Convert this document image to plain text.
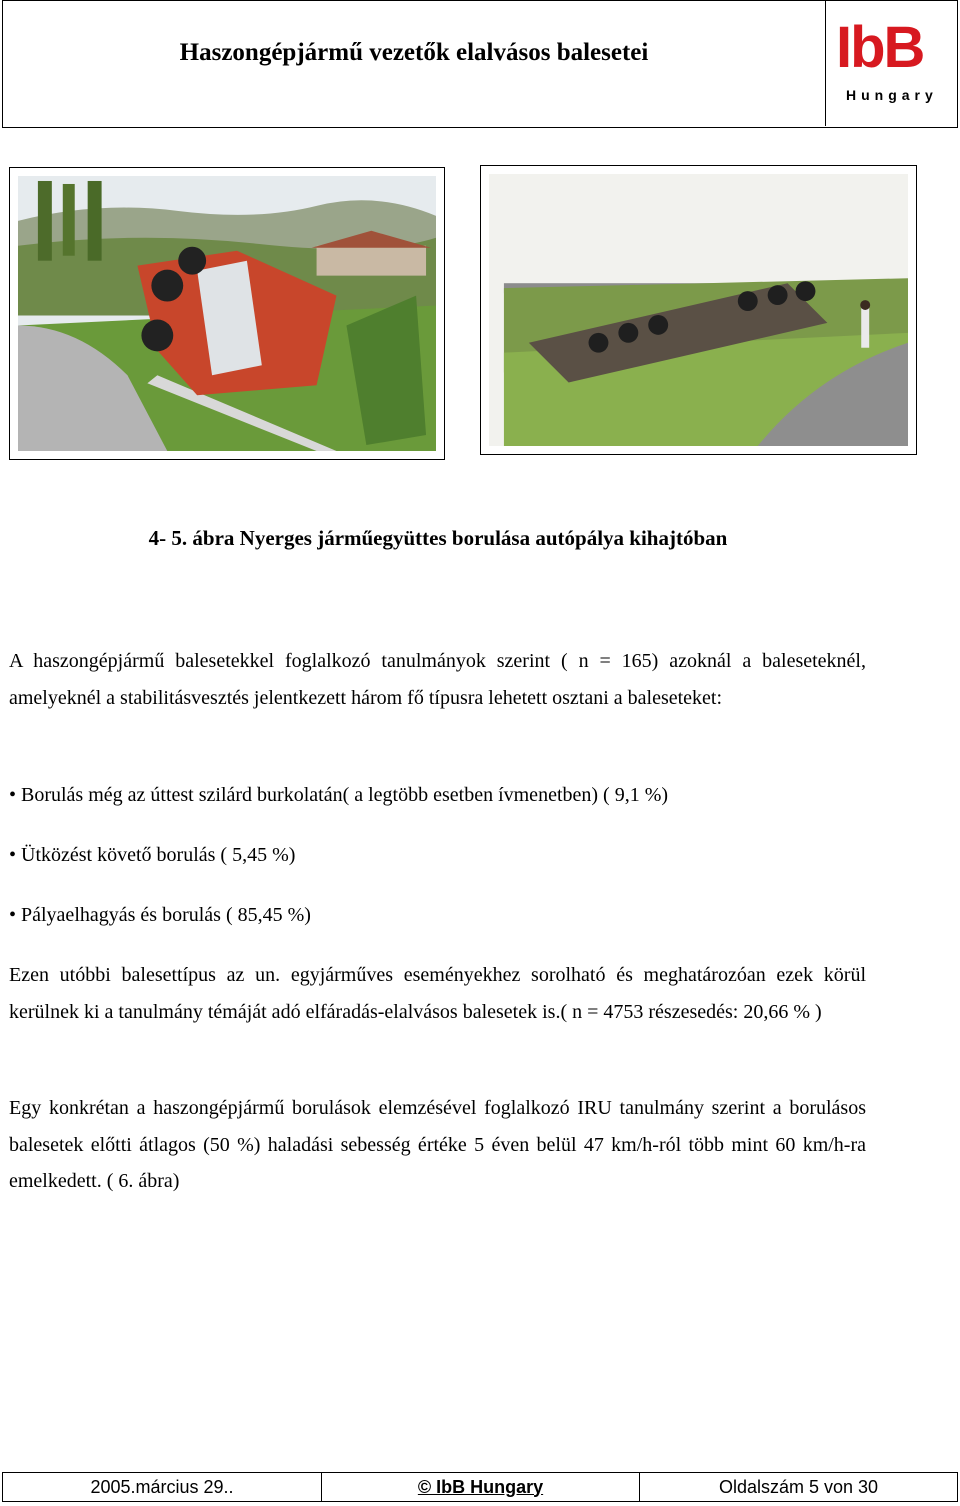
Haszongépjármű vezetők elalvásos balesetei	IbB
Hungary
4- 5. ábra Nyerges járműegyüttes borulása autópálya kihajtóban
A haszongépjármű balesetekkel foglalkozó tanulmányok szerint ( n = 165) azoknál a baleseteknél, amelyeknél a stabilitásvesztés jelentkezett három fő típusra lehetett osztani a baleseteket:
• Borulás még az úttest szilárd burkolatán( a legtöbb esetben ívmenetben) ( 9,1 %)
• Ütközést követő borulás ( 5,45 %)
• Pályaelhagyás és borulás ( 85,45 %)
Ezen utóbbi balesettípus az un. egyjárműves eseményekhez sorolható és meghatározóan ezek körül kerülnek ki a tanulmány témáját adó elfáradás-elalvásos balesetek is.( n = 4753 részesedés: 20,66 % )
Egy konkrétan a haszongépjármű borulások elemzésével foglalkozó IRU tanulmány szerint a borulásos balesetek előtti átlagos (50 %) haladási sebesség értéke 5 éven belül 47 km/h-ról több mint 60 km/h-ra emelkedett. ( 6. ábra)
2005.március 29..	© IbB Hungary	Oldalszám 5 von 30
